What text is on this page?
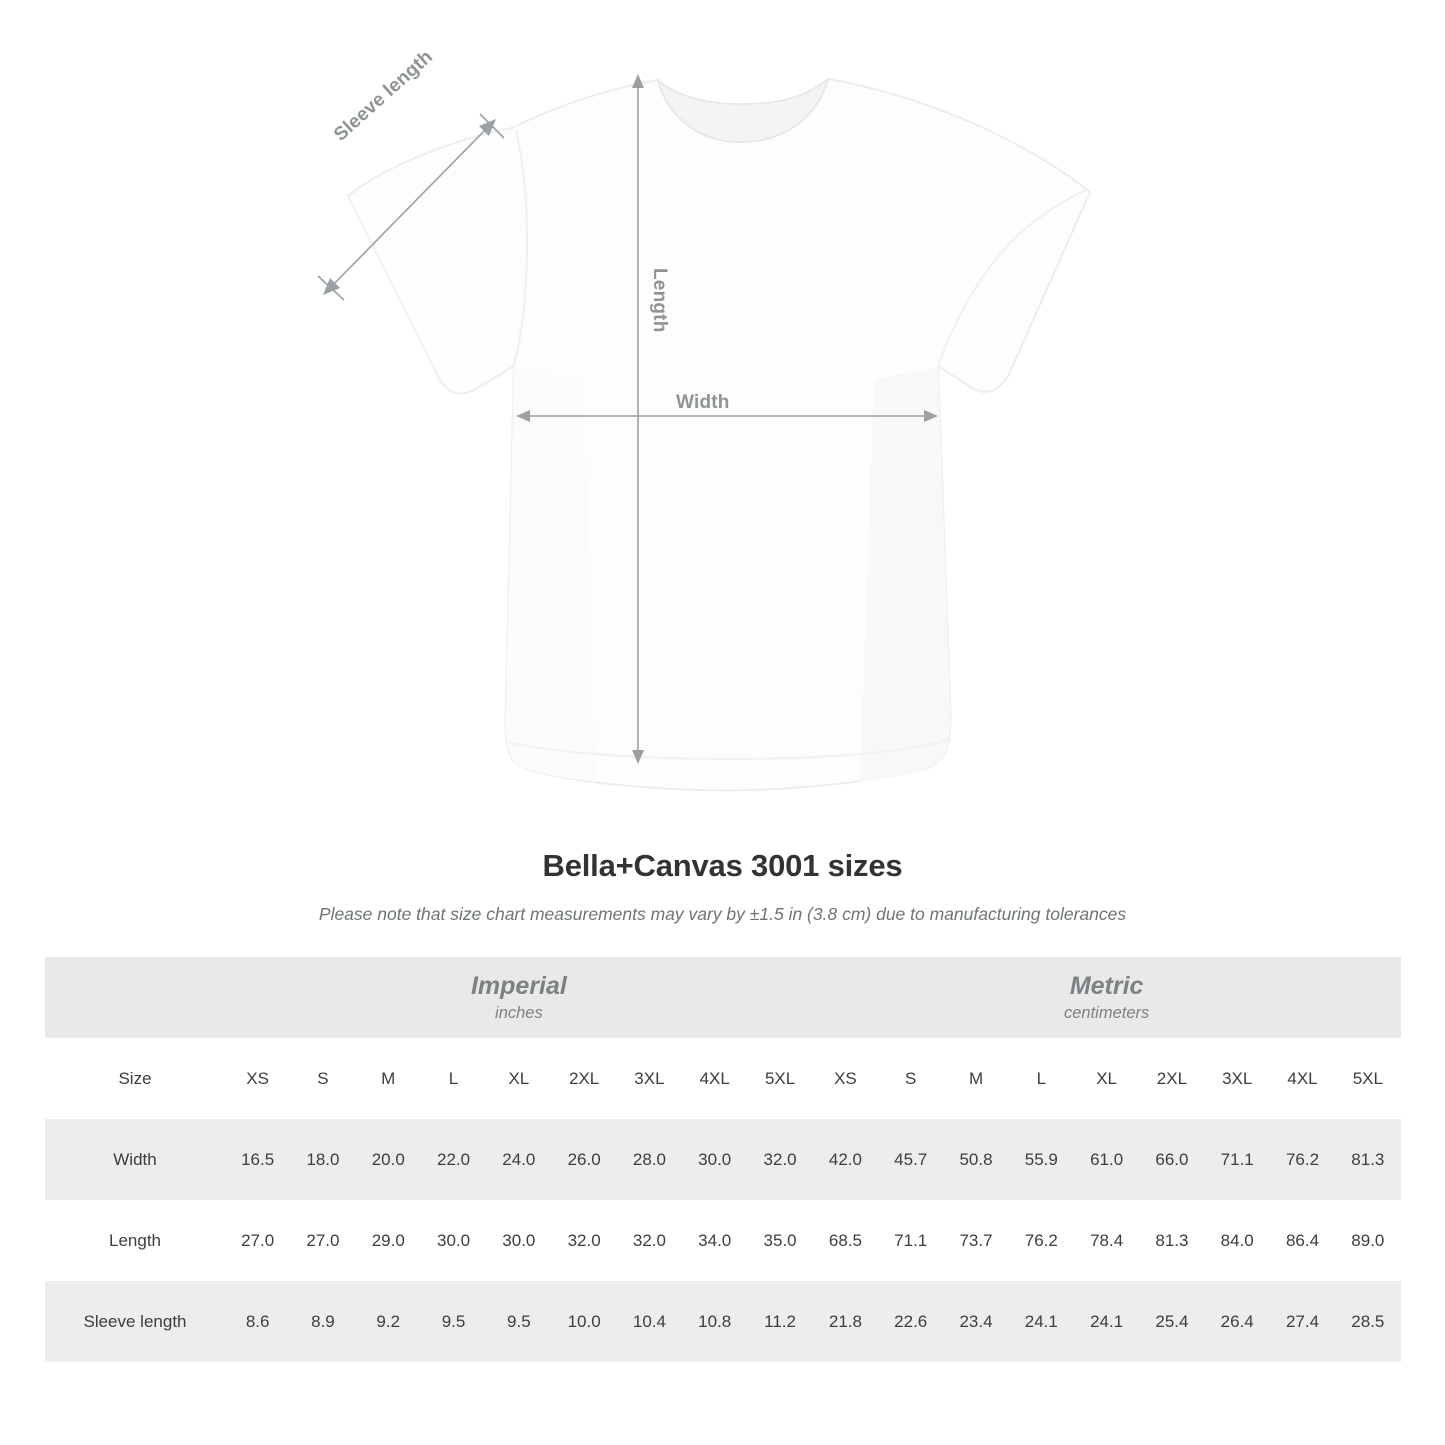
Sleeve length
Length
Width
Bella+Canvas 3001 sizes
Please note that size chart measurements may vary by ±1.5 in (3.8 cm) due to manufacturing tolerances

	Imperial
inches									Metric
centimeters								

Size	XS	S	M	L	XL	2XL	3XL	4XL	5XL	XS	S	M	L	XL	2XL	3XL	4XL	5XL
Width	16.5	18.0	20.0	22.0	24.0	26.0	28.0	30.0	32.0	42.0	45.7	50.8	55.9	61.0	66.0	71.1	76.2	81.3
Length	27.0	27.0	29.0	30.0	30.0	32.0	32.0	34.0	35.0	68.5	71.1	73.7	76.2	78.4	81.3	84.0	86.4	89.0
Sleeve length	8.6	8.9	9.2	9.5	9.5	10.0	10.4	10.8	11.2	21.8	22.6	23.4	24.1	24.1	25.4	26.4	27.4	28.5
